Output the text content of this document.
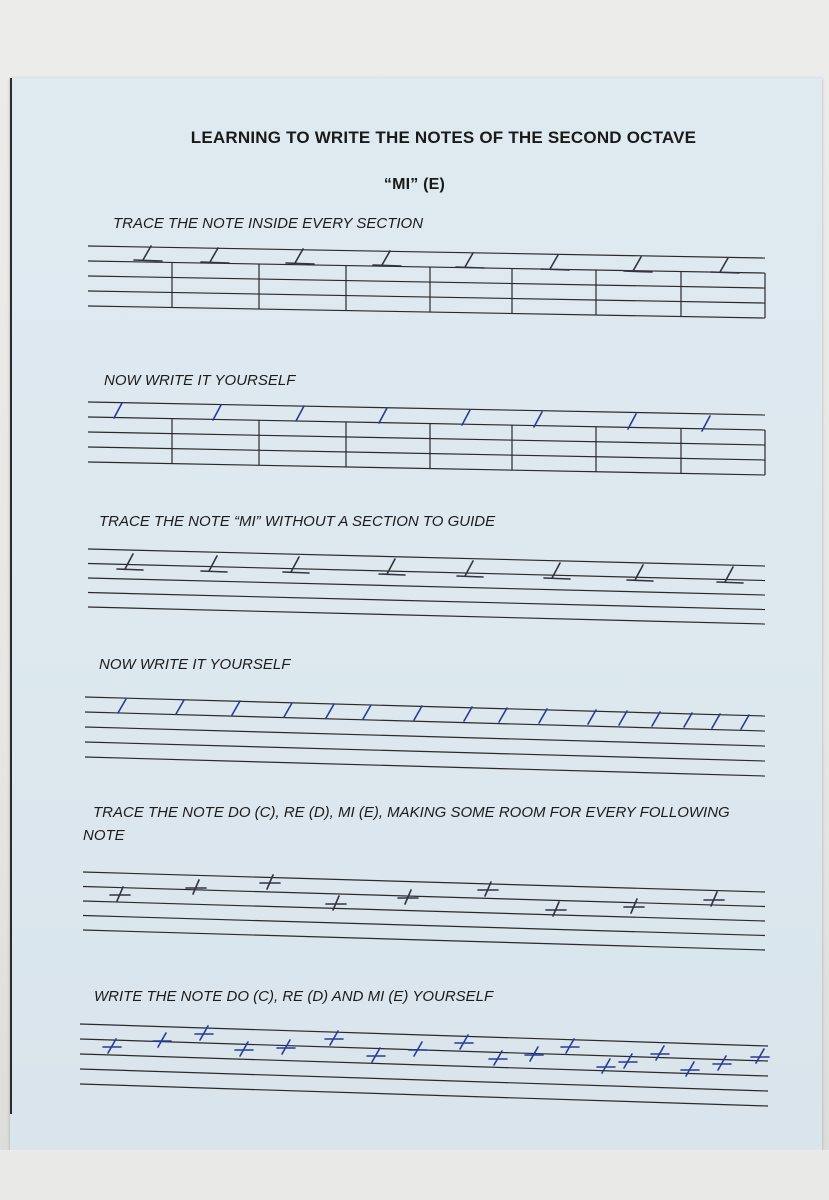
LEARNING TO WRITE THE NOTES OF THE SECOND OCTAVE
“MI” (E)
TRACE THE NOTE INSIDE EVERY SECTION
NOW WRITE IT YOURSELF
TRACE THE NOTE “MI” WITHOUT A SECTION TO GUIDE
NOW WRITE IT YOURSELF
TRACE THE NOTE DO (C), RE (D), MI (E), MAKING SOME ROOM FOR EVERY FOLLOWING
NOTE
WRITE THE NOTE DO (C), RE (D) AND MI (E) YOURSELF
